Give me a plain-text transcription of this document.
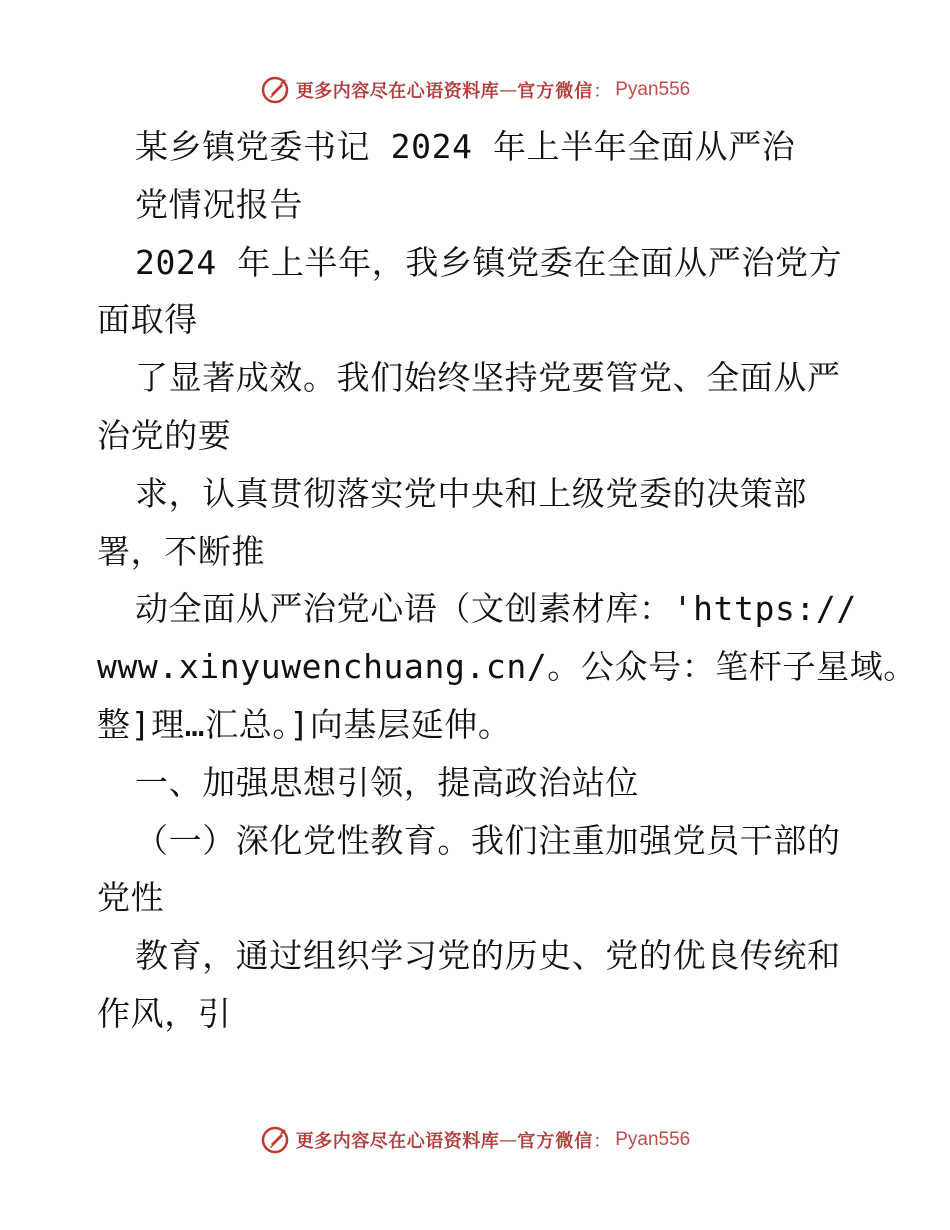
更多内容尽在心语资料库 — 官方微信 ： Pyan556
某乡镇党委书记 2024 年上半年全面从严治
党情况报告
2024 年上半年，我乡镇党委在全面从严治党方
面取得
了显著成效。我们始终坚持党要管党、全面从严
治党的要
求，认真贯彻落实党中央和上级党委的决策部
署，不断推
动全面从严治党心语（文创素材库：'https://
www.xinyuwenchuang.cn/。公众号：笔杆子星域。
整]理…汇总。]向基层延伸。
一、加强思想引领，提高政治站位
（一）深化党性教育。我们注重加强党员干部的
党性
教育，通过组织学习党的历史、党的优良传统和
作风，引
更多内容尽在心语资料库 — 官方微信 ： Pyan556
